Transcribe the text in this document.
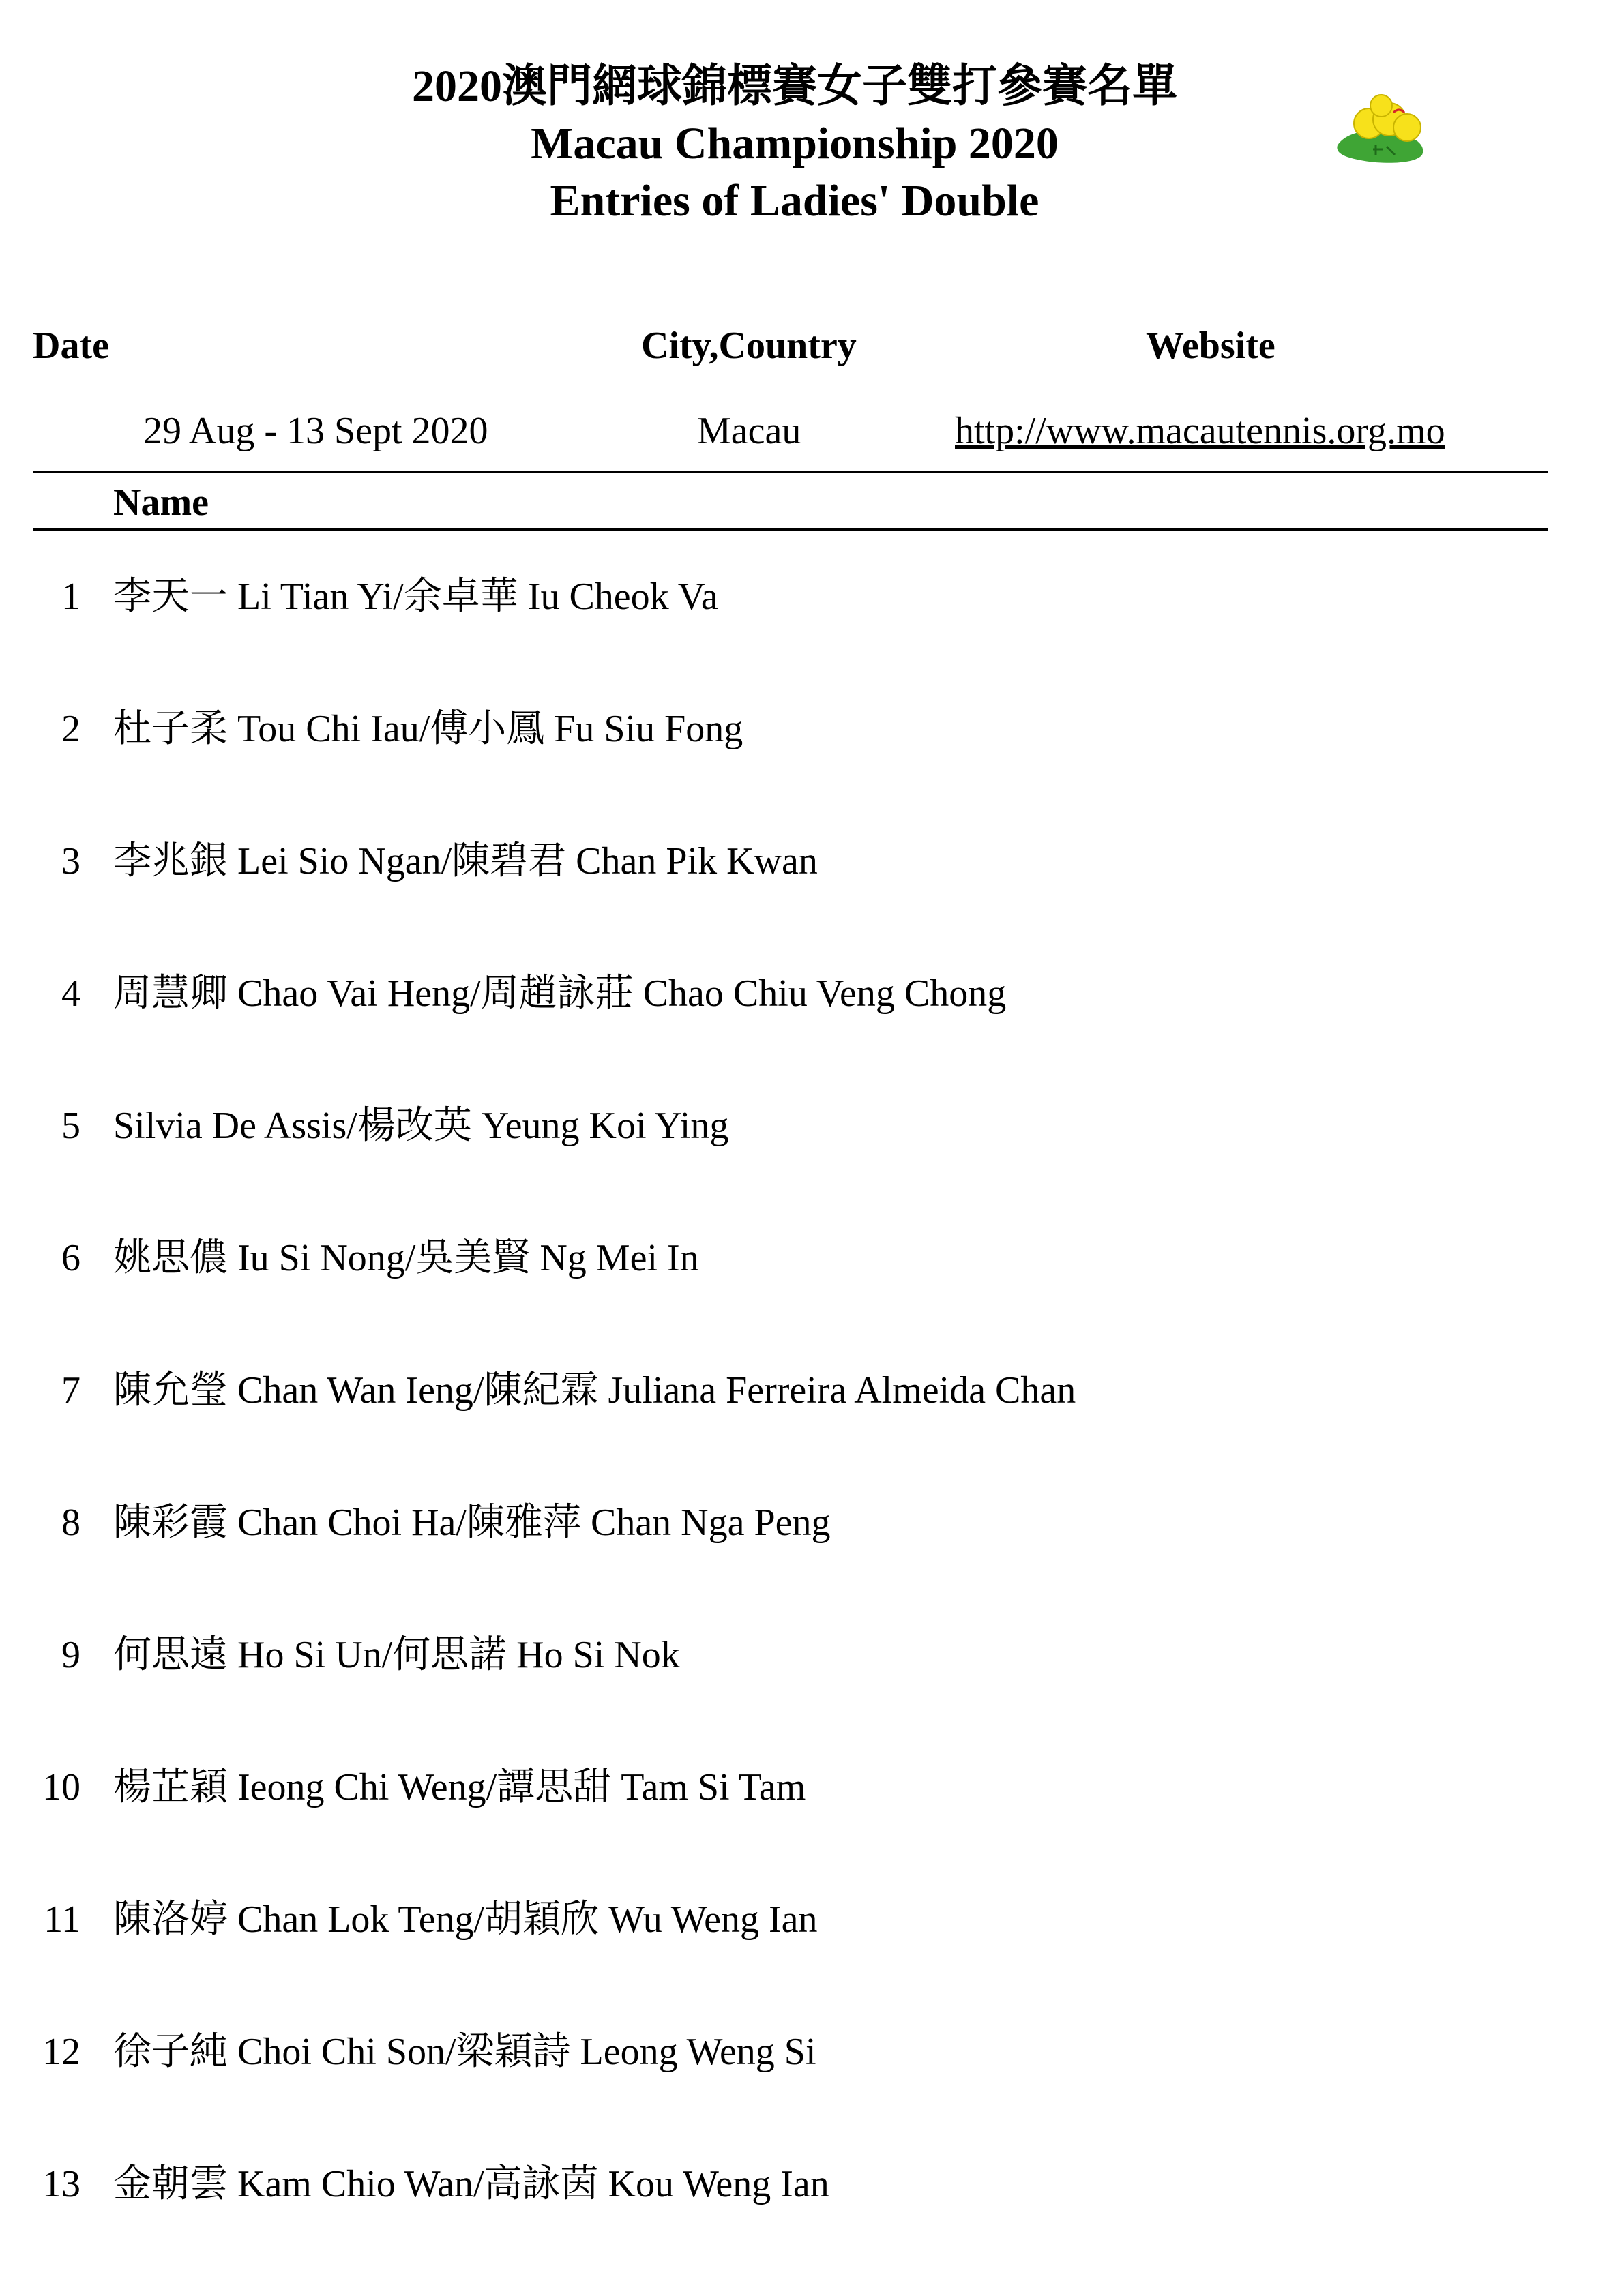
2020澳門網球錦標賽女子雙打參賽名單
Macau Championship 2020
Entries of Ladies' Double
Date	City,Country	Website
29 Aug - 13 Sept 2020	Macau	http://www.macautennis.org.mo
Name
1 李天一 Li Tian Yi/余卓華 Iu Cheok Va
2 杜子柔 Tou Chi Iau/傅小鳳 Fu Siu Fong
3 李兆銀 Lei Sio Ngan/陳碧君 Chan Pik Kwan
4 周慧卿 Chao Vai Heng/周趙詠莊 Chao Chiu Veng Chong
5 Silvia De Assis/楊改英 Yeung Koi Ying
6 姚思儂 Iu Si Nong/吳美賢 Ng Mei In
7 陳允瑩 Chan Wan Ieng/陳紀霖 Juliana Ferreira Almeida Chan
8 陳彩霞 Chan Choi Ha/陳雅萍 Chan Nga Peng
9 何思遠 Ho Si Un/何思諾 Ho Si Nok
10 楊芷穎 Ieong Chi Weng/譚思甜 Tam Si Tam
11 陳洛婷 Chan Lok Teng/胡穎欣 Wu Weng Ian
12 徐子純 Choi Chi Son/梁穎詩 Leong Weng Si
13 金朝雲 Kam Chio Wan/高詠茵 Kou Weng Ian
